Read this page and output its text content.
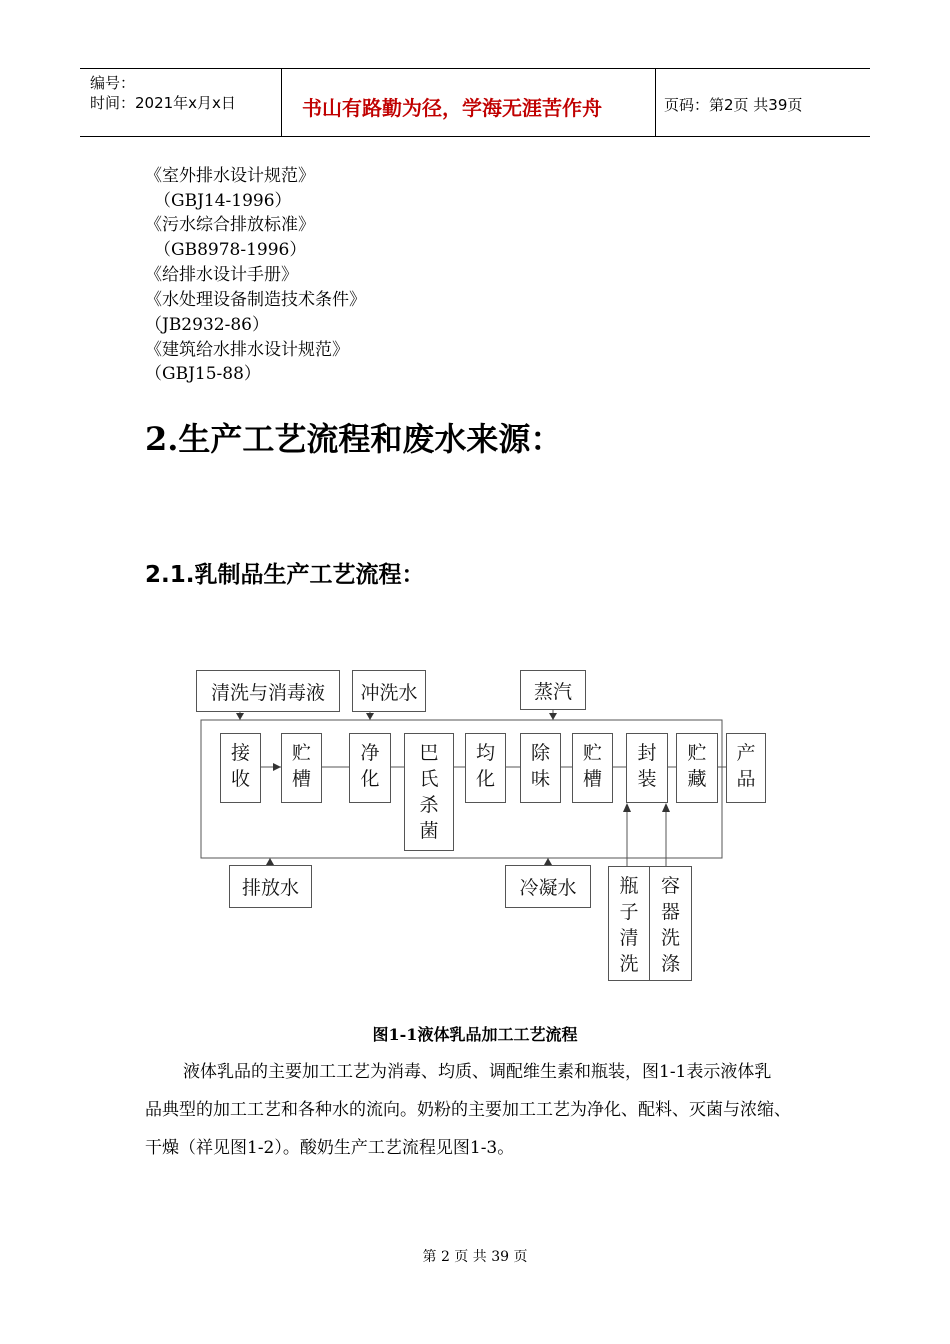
编号：
时间：2021年x月x日	书山有路勤为径，学海无涯苦作舟	页码：第2页 共39页
《室外排水设计规范》
（GBJ14-1996）
《污水综合排放标准》
（GB8978-1996）
《给排水设计手册》
《水处理设备制造技术条件》
（JB2932-86）
《建筑给水排水设计规范》
（GBJ15-88）
2.生产工艺流程和废水来源：
2.1.乳制品生产工艺流程：
清洗与消毒液 冲洗水	蒸汽
接收
贮槽
净化
巴氏杀菌
均化
除味
贮槽
封装
贮藏
产品
排放水	冷凝水	瓶子清洗
容器洗涤
图1-1液体乳品加工工艺流程
液体乳品的主要加工工艺为消毒、均质、调配维生素和瓶装，图1-1表示液体乳
品典型的加工工艺和各种水的流向。奶粉的主要加工工艺为净化、配料、灭菌与浓缩、
干燥（祥见图1-2）。酸奶生产工艺流程见图1-3。
第 2 页 共 39 页
